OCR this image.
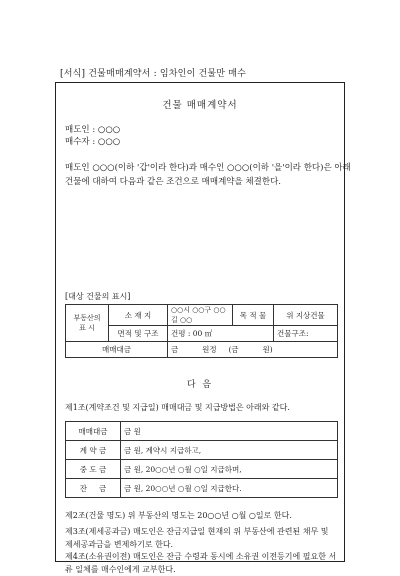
[서식] 건물매매계약서 : 임차인이 건물만 매수
건물 매매계약서
매도인 : ○○○
매수자 : ○○○
매도인 ○○○(이하 '갑'이라 한다)과 매수인 ○○○(이하 '을'이라 한다)은 아래
건물에 대하여 다음과 같은 조건으로 매매계약을 체결한다.
[대상 건물의 표시]
부동산의 표 시	소 재 지	○○시 ○○구 ○○길 ○○	목 적 물	위 지상건물
	면적 및 구조	건평 : 00 ㎡		건물구조:
매매대금		금          원정     (금          원)		
다 음
제1조(계약조건 및 지급일) 매매대금 및 지급방법은 아래와 같다.
매매대금	금 원
계 약 금	금 원, 계약시 지급하고,
중 도 금	금 원, 20○○년 ○월 ○일 지급하며,
잔     금	금 원, 20○○년 ○월 ○일 지급한다.
제2조(건물 명도) 위 부동산의 명도는 20○○년 ○월 ○일로 한다.
제3조(제세공과금) 매도인은 잔금지급일 현재의 위 부동산에 관련된 채무 및 제세공과금을 변제하기로 한다.
제4조(소유권이전) 매도인은 잔금 수령과 동시에 소유권 이전등기에 필요한 서류 일체를 매수인에게 교부한다.
